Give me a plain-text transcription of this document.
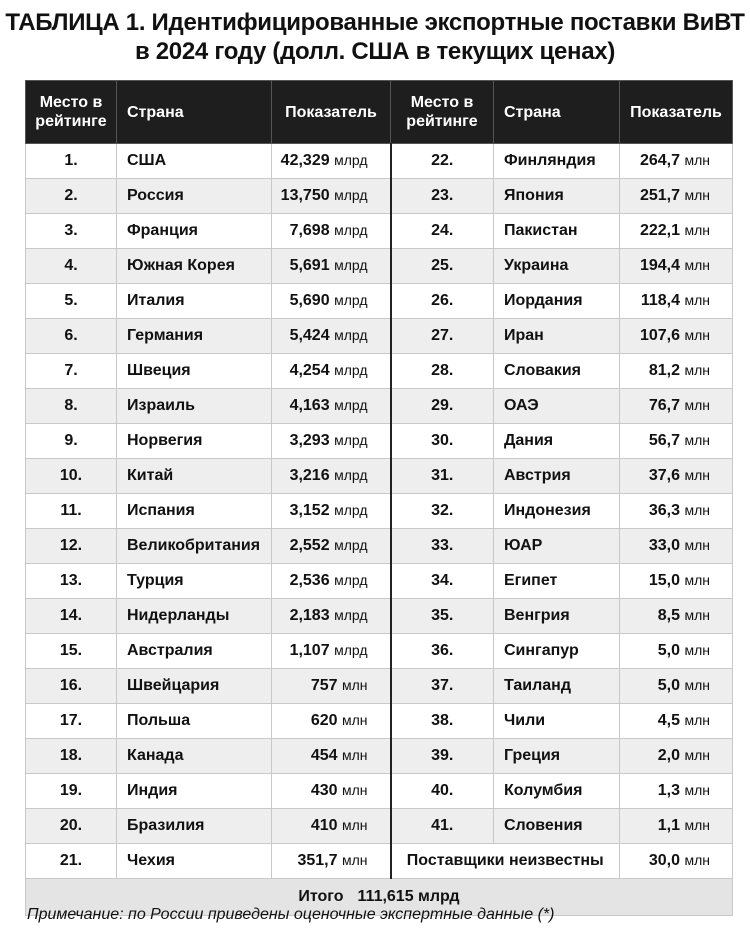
ТАБЛИЦА 1. Идентифицированные экспортные поставки ВиВТ
в 2024 году (долл. США в текущих ценах)
Место в рейтинге	Страна	Показатель	Место в рейтинге	Страна	Показатель
1.	США	42,329 млрд	22.	Финляндия	264,7 млн
2.	Россия	13,750 млрд	23.	Япония	251,7 млн
3.	Франция	7,698 млрд	24.	Пакистан	222,1 млн
4.	Южная Корея	5,691 млрд	25.	Украина	194,4 млн
5.	Италия	5,690 млрд	26.	Иордания	118,4 млн
6.	Германия	5,424 млрд	27.	Иран	107,6 млн
7.	Швеция	4,254 млрд	28.	Словакия	81,2 млн
8.	Израиль	4,163 млрд	29.	ОАЭ	76,7 млн
9.	Норвегия	3,293 млрд	30.	Дания	56,7 млн
10.	Китай	3,216 млрд	31.	Австрия	37,6 млн
11.	Испания	3,152 млрд	32.	Индонезия	36,3 млн
12.	Великобритания	2,552 млрд	33.	ЮАР	33,0 млн
13.	Турция	2,536 млрд	34.	Египет	15,0 млн
14.	Нидерланды	2,183 млрд	35.	Венгрия	8,5 млн
15.	Австралия	1,107 млрд	36.	Сингапур	5,0 млн
16.	Швейцария	757 млн	37.	Таиланд	5,0 млн
17.	Польша	620 млн	38.	Чили	4,5 млн
18.	Канада	454 млн	39.	Греция	2,0 млн
19.	Индия	430 млн	40.	Колумбия	1,3 млн
20.	Бразилия	410 млн	41.	Словения	1,1 млн
21.	Чехия	351,7 млн	Поставщики неизвестны		30,0 млн
Итого 111,615 млрд					
Примечание: по России приведены оценочные экспертные данные (*)
